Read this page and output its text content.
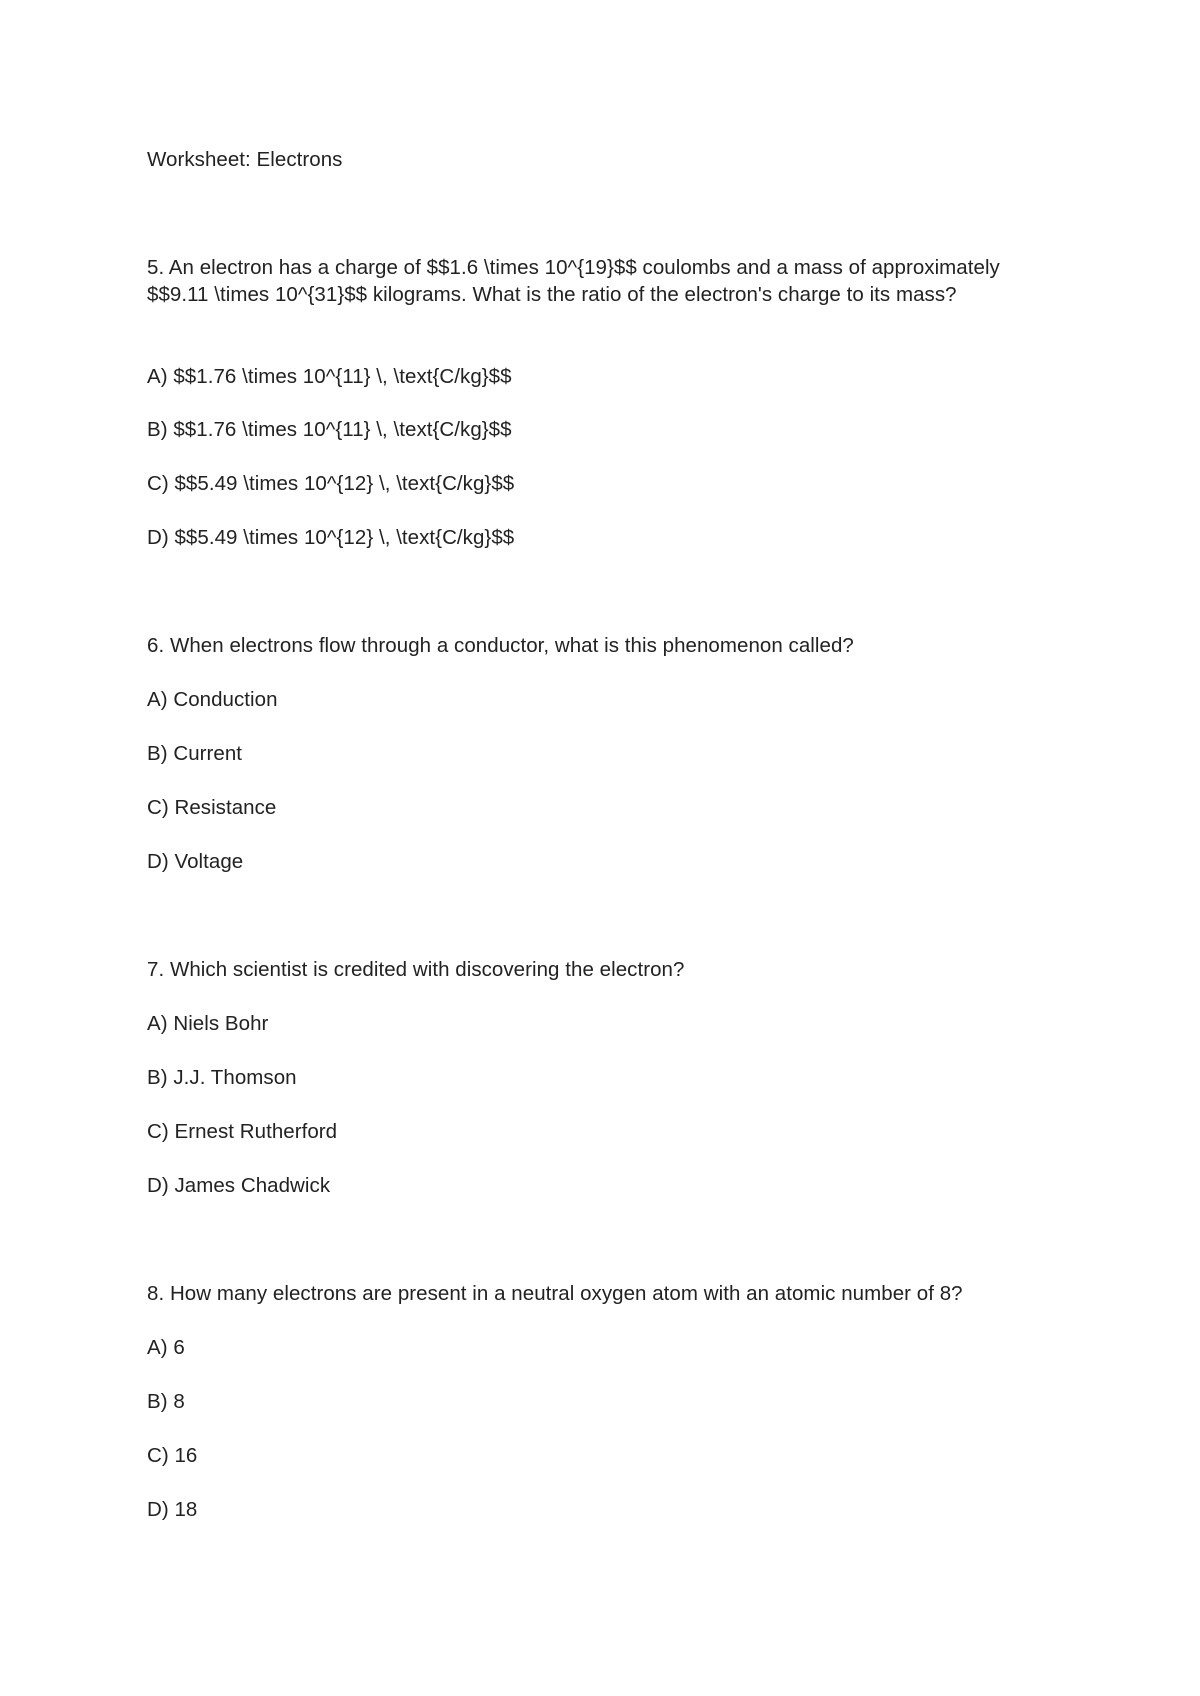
Worksheet: Electrons
5. An electron has a charge of $$1.6 \times 10^{19}$$ coulombs and a mass of approximately $$9.11 \times 10^{31}$$ kilograms. What is the ratio of the electron's charge to its mass?
A) $$1.76 \times 10^{11} \, \text{C/kg}$$
B) $$1.76 \times 10^{11} \, \text{C/kg}$$
C) $$5.49 \times 10^{12} \, \text{C/kg}$$
D) $$5.49 \times 10^{12} \, \text{C/kg}$$
6. When electrons flow through a conductor, what is this phenomenon called?
A) Conduction
B) Current
C) Resistance
D) Voltage
7. Which scientist is credited with discovering the electron?
A) Niels Bohr
B) J.J. Thomson
C) Ernest Rutherford
D) James Chadwick
8. How many electrons are present in a neutral oxygen atom with an atomic number of 8?
A) 6
B) 8
C) 16
D) 18
